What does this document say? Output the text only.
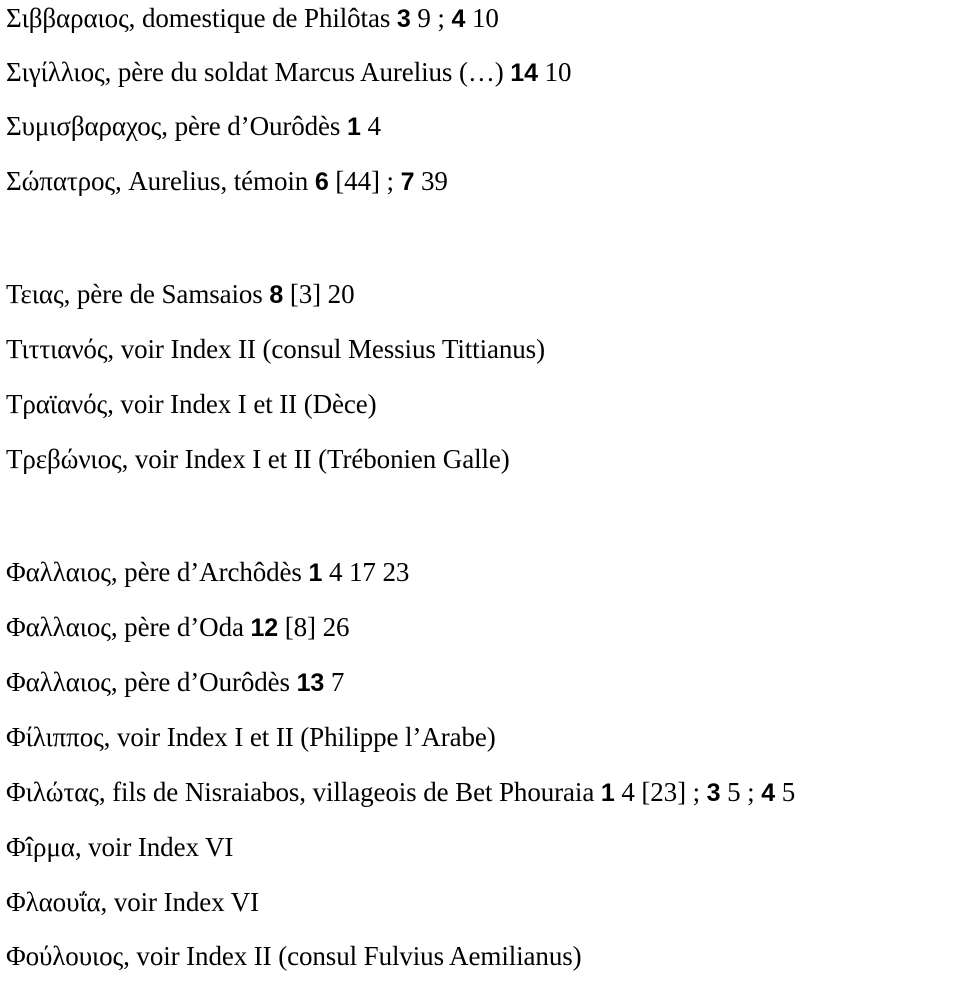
Σιββαραιος, domestique de Philôtas 3 9 ; 4 10
Σιγίλλιος, père du soldat Marcus Aurelius (…) 14 10
Συμισβαραχος, père d’Ourôdès 1 4
Σώπατρος, Aurelius, témoin 6 [44] ; 7 39
Τειας, père de Samsaios 8 [3] 20
Τιττιανός, voir Index II (consul Messius Tittianus)
Τραϊανός, voir Index I et II (Dèce)
Τρεβώνιος, voir Index I et II (Trébonien Galle)
Φαλλαιος, père d’Archôdès 1 4 17 23
Φαλλαιος, père d’Oda 12 [8] 26
Φαλλαιος, père d’Ourôdès 13 7
Φίλιππος, voir Index I et II (Philippe l’Arabe)
Φιλώτας, fils de Nisraiabos, villageois de Bet Phouraia 1 4 [23] ; 3 5 ; 4 5
Φîρμα, voir Index VI
Φλαουΐα, voir Index VI
Φούλουιος, voir Index II (consul Fulvius Aemilianus)
